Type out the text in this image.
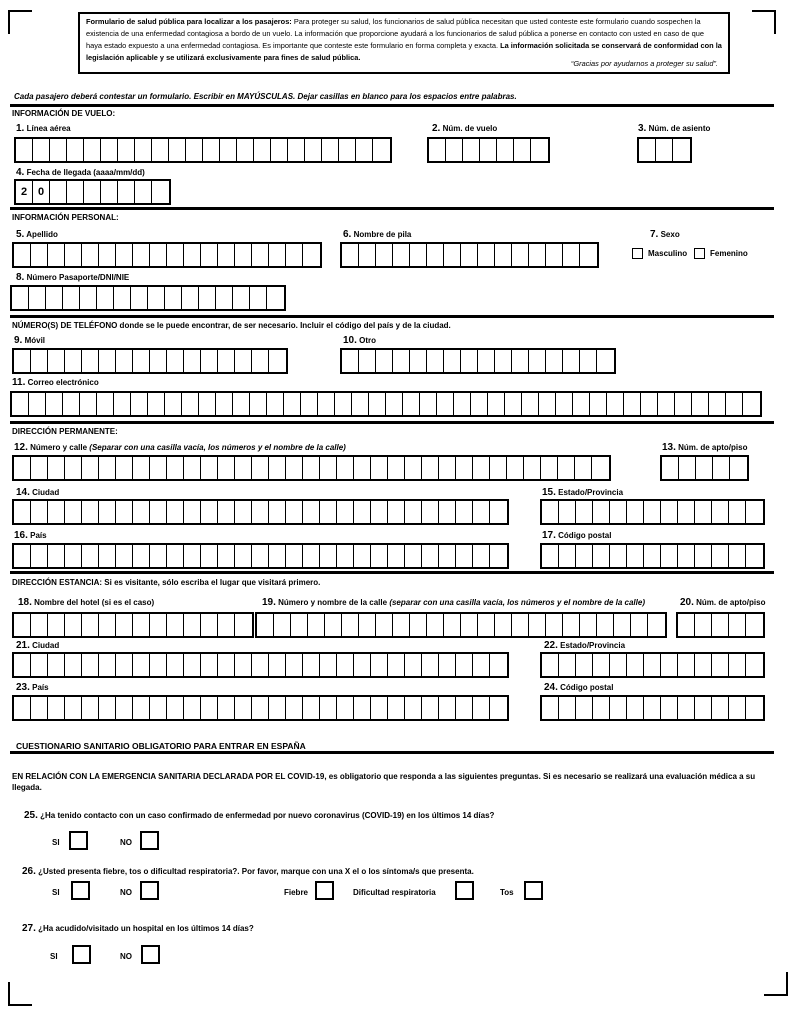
Formulario de salud pública para localizar a los pasajeros: Para proteger su salud, los funcionarios de salud pública necesitan que usted conteste este formulario cuando sospechen la existencia de una enfermedad contagiosa a bordo de un vuelo. La información que proporcione ayudará a los funcionarios de salud pública a ponerse en contacto con usted en caso de que haya estado expuesto a una enfermedad contagiosa. Es importante que conteste este formulario en forma completa y exacta. La información solicitada se conservará de conformidad con la legislación aplicable y se utilizará exclusivamente para fines de salud pública.
“Gracias por ayudarnos a proteger su salud”.
Cada pasajero deberá contestar un formulario. Escribir en MAYÚSCULAS. Dejar casillas en blanco para los espacios entre palabras.
INFORMACIÓN DE VUELO:
1. Línea aérea	2. Núm. de vuelo	3. Núm. de asiento
4. Fecha de llegada (aaaa/mm/dd)
2 0
INFORMACIÓN PERSONAL:
5. Apellido	6. Nombre de pila	7. Sexo
Masculino	Femenino
8. Número Pasaporte/DNI/NIE
NÚMERO(S) DE TELÉFONO donde se le puede encontrar, de ser necesario. Incluir el código del país y de la ciudad.
9. Móvil	10. Otro
11. Correo electrónico
DIRECCIÓN PERMANENTE:
12. Número y calle (Separar con una casilla vacía, los números y el nombre de la calle)	13. Núm. de apto/piso
14. Ciudad	15. Estado/Provincia
16. País	17. Código postal
DIRECCIÓN ESTANCIA: Si es visitante, sólo escriba el lugar que visitará primero.
18. Nombre del hotel (si es el caso)	19. Número y nombre de la calle (separar con una casilla vacía, los números y el nombre de la calle)	20. Núm. de apto/piso
21. Ciudad	22. Estado/Provincia
23. País	24. Código postal
CUESTIONARIO SANITARIO OBLIGATORIO PARA ENTRAR EN ESPAÑA
EN RELACIÓN CON LA EMERGENCIA SANITARIA DECLARADA POR EL COVID-19, es obligatorio que responda a las siguientes preguntas. Si es necesario se realizará una evaluación médica a su llegada.
25. ¿Ha tenido contacto con un caso confirmado de enfermedad por nuevo coronavirus (COVID-19) en los últimos 14 días?
SI	NO
26. ¿Usted presenta fiebre, tos o dificultad respiratoria?. Por favor, marque con una X el o los síntoma/s que presenta.
SI	NO	Fiebre	Dificultad respiratoria	Tos
27. ¿Ha acudido/visitado un hospital en los últimos 14 días?
SI	NO
